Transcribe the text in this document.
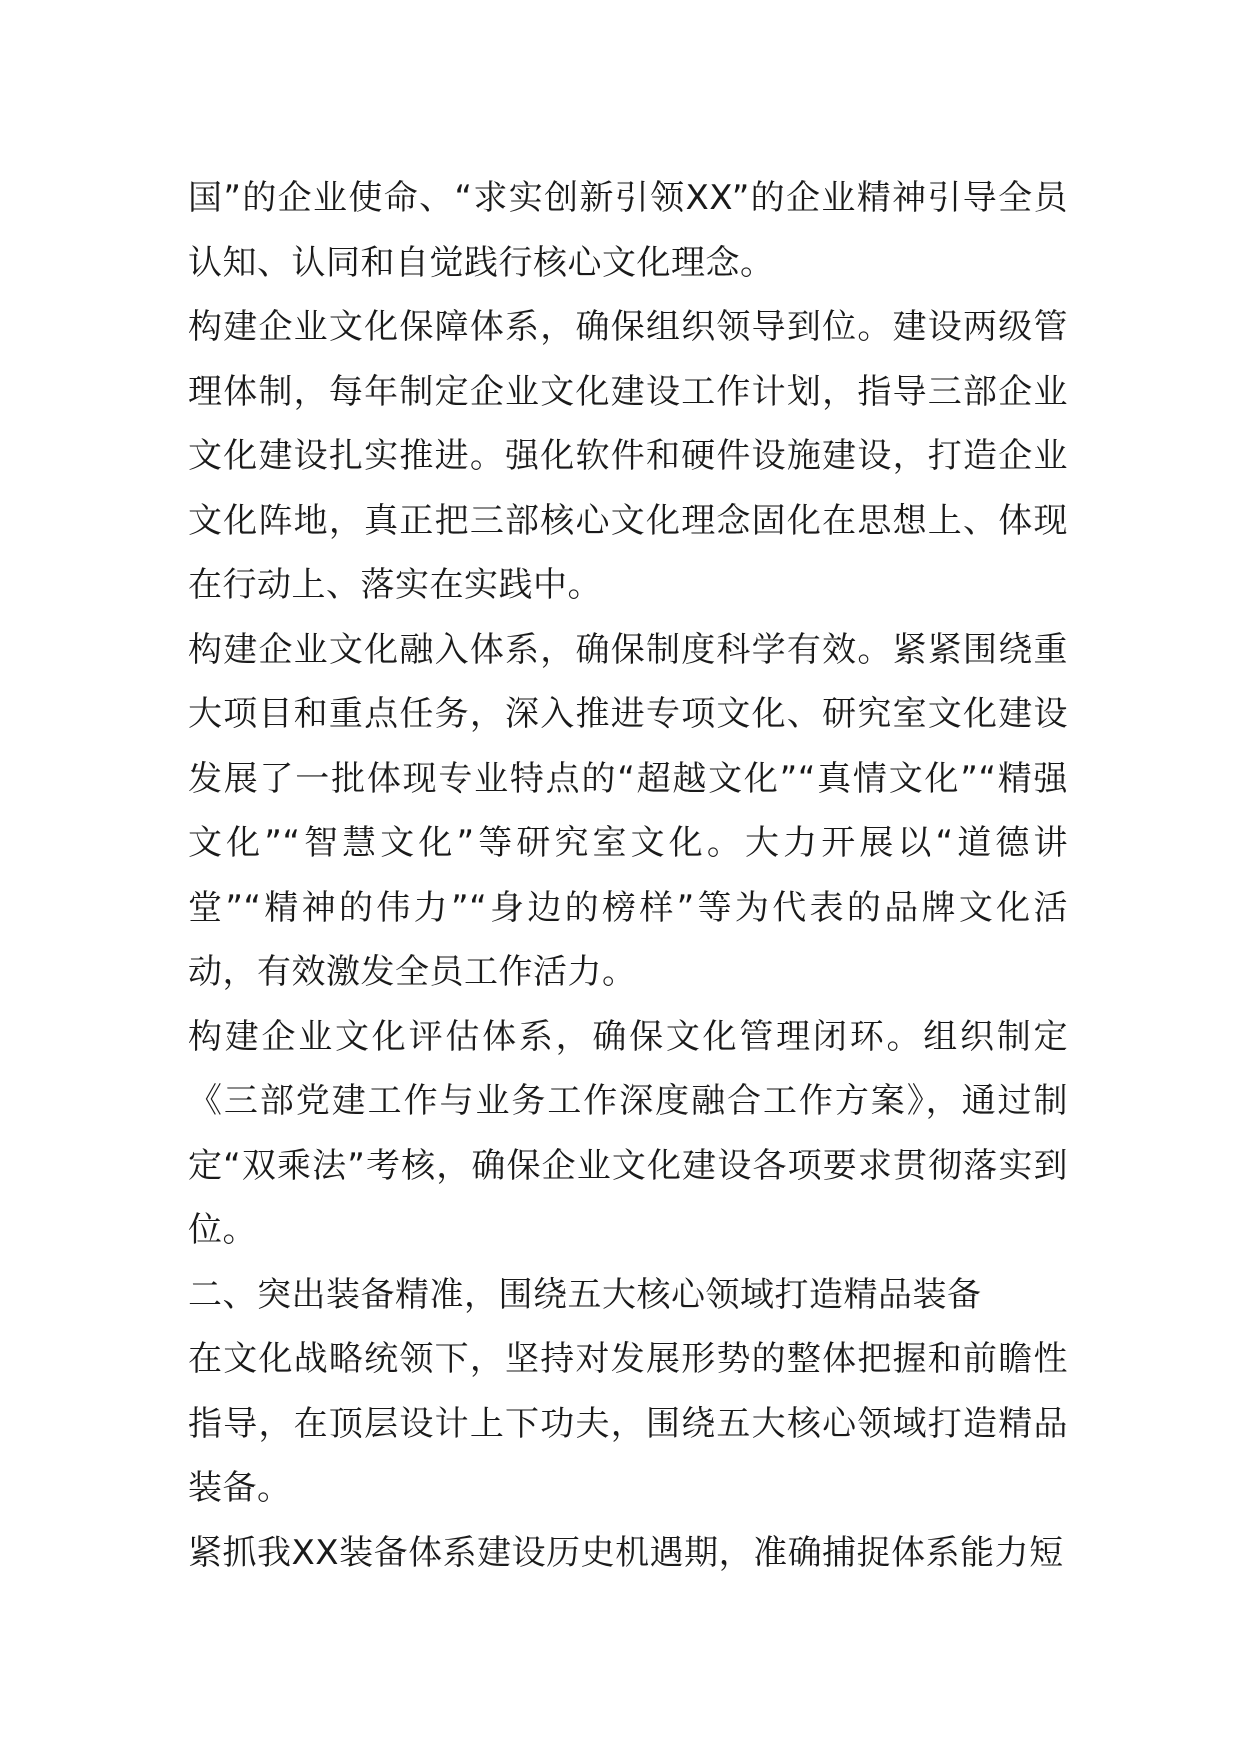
国”的企业使命、“求实创新引领XX”的企业精神引导全员认知、认同和自觉践行核心文化理念。

构建企业文化保障体系，确保组织领导到位。建设两级管理体制，每年制定企业文化建设工作计划，指导三部企业文化建设扎实推进。强化软件和硬件设施建设，打造企业文化阵地，真正把三部核心文化理念固化在思想上、体现在行动上、落实在实践中。

构建企业文化融入体系，确保制度科学有效。紧紧围绕重大项目和重点任务，深入推进专项文化、研究室文化建设发展了一批体现专业特点的“超越文化”“真情文化”“精强文化”“智慧文化”等研究室文化。大力开展以“道德讲堂”“精神的伟力”“身边的榜样”等为代表的品牌文化活动，有效激发全员工作活力。

构建企业文化评估体系，确保文化管理闭环。组织制定《三部党建工作与业务工作深度融合工作方案》，通过制定“双乘法”考核，确保企业文化建设各项要求贯彻落实到位。

二、突出装备精准，围绕五大核心领域打造精品装备

在文化战略统领下，坚持对发展形势的整体把握和前瞻性指导，在顶层设计上下功夫，围绕五大核心领域打造精品装备。

紧抓我XX装备体系建设历史机遇期，准确捕捉体系能力短
